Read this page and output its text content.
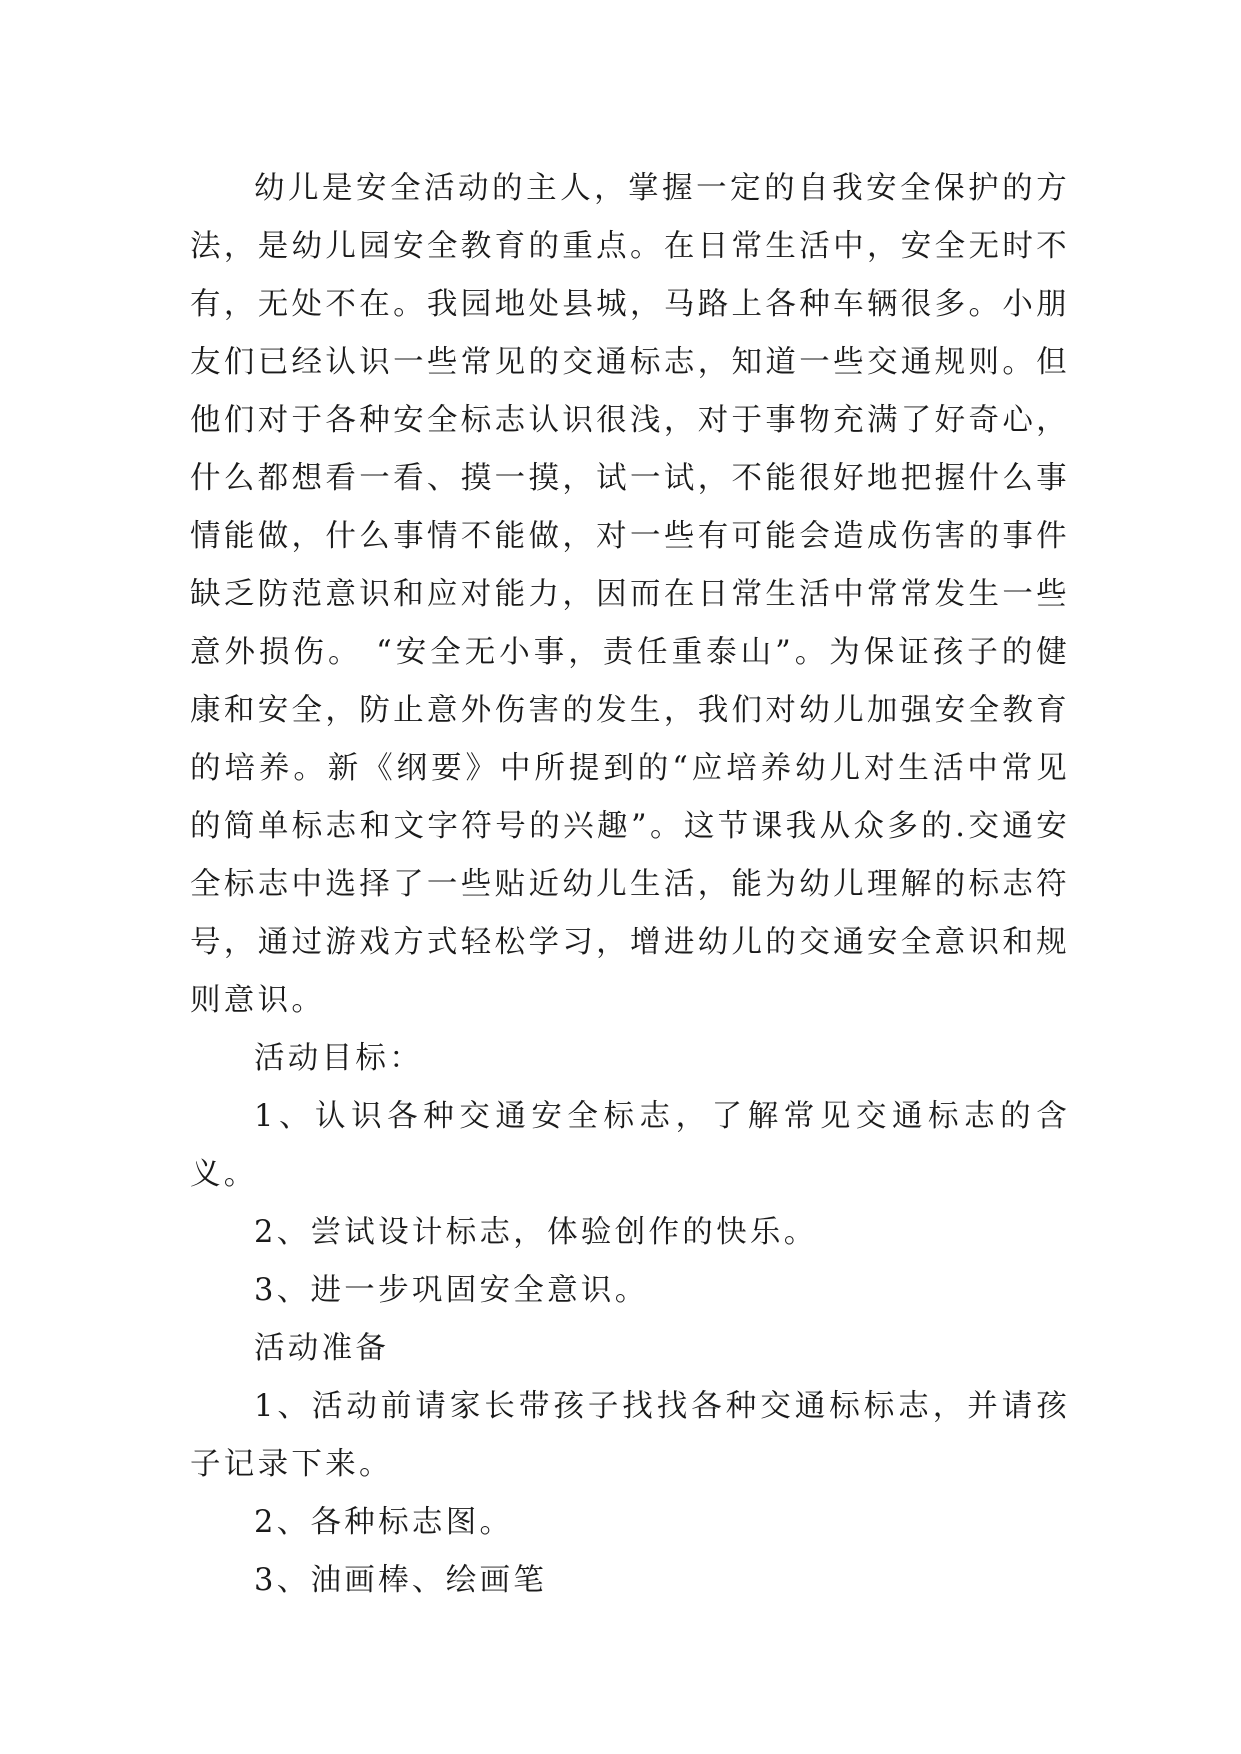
幼儿是安全活动的主人，掌握一定的自我安全保护的方法，是幼儿园安全教育的重点。在日常生活中，安全无时不有，无处不在。我园地处县城，马路上各种车辆很多。小朋友们已经认识一些常见的交通标志，知道一些交通规则。但他们对于各种安全标志认识很浅，对于事物充满了好奇心，什么都想看一看、摸一摸，试一试，不能很好地把握什么事情能做，什么事情不能做，对一些有可能会造成伤害的事件缺乏防范意识和应对能力，因而在日常生活中常常发生一些意外损伤。 “安全无小事，责任重泰山”。为保证孩子的健康和安全，防止意外伤害的发生，我们对幼儿加强安全教育的培养。新《纲要》中所提到的“应培养幼儿对生活中常见的简单标志和文字符号的兴趣”。这节课我从众多的.交通安全标志中选择了一些贴近幼儿生活，能为幼儿理解的标志符号，通过游戏方式轻松学习，增进幼儿的交通安全意识和规则意识。

活动目标：

1、认识各种交通安全标志，了解常见交通标志的含义。

2、尝试设计标志，体验创作的快乐。

3、进一步巩固安全意识。

活动准备

1、活动前请家长带孩子找找各种交通标标志，并请孩子记录下来。

2、各种标志图。

3、油画棒、绘画笔
